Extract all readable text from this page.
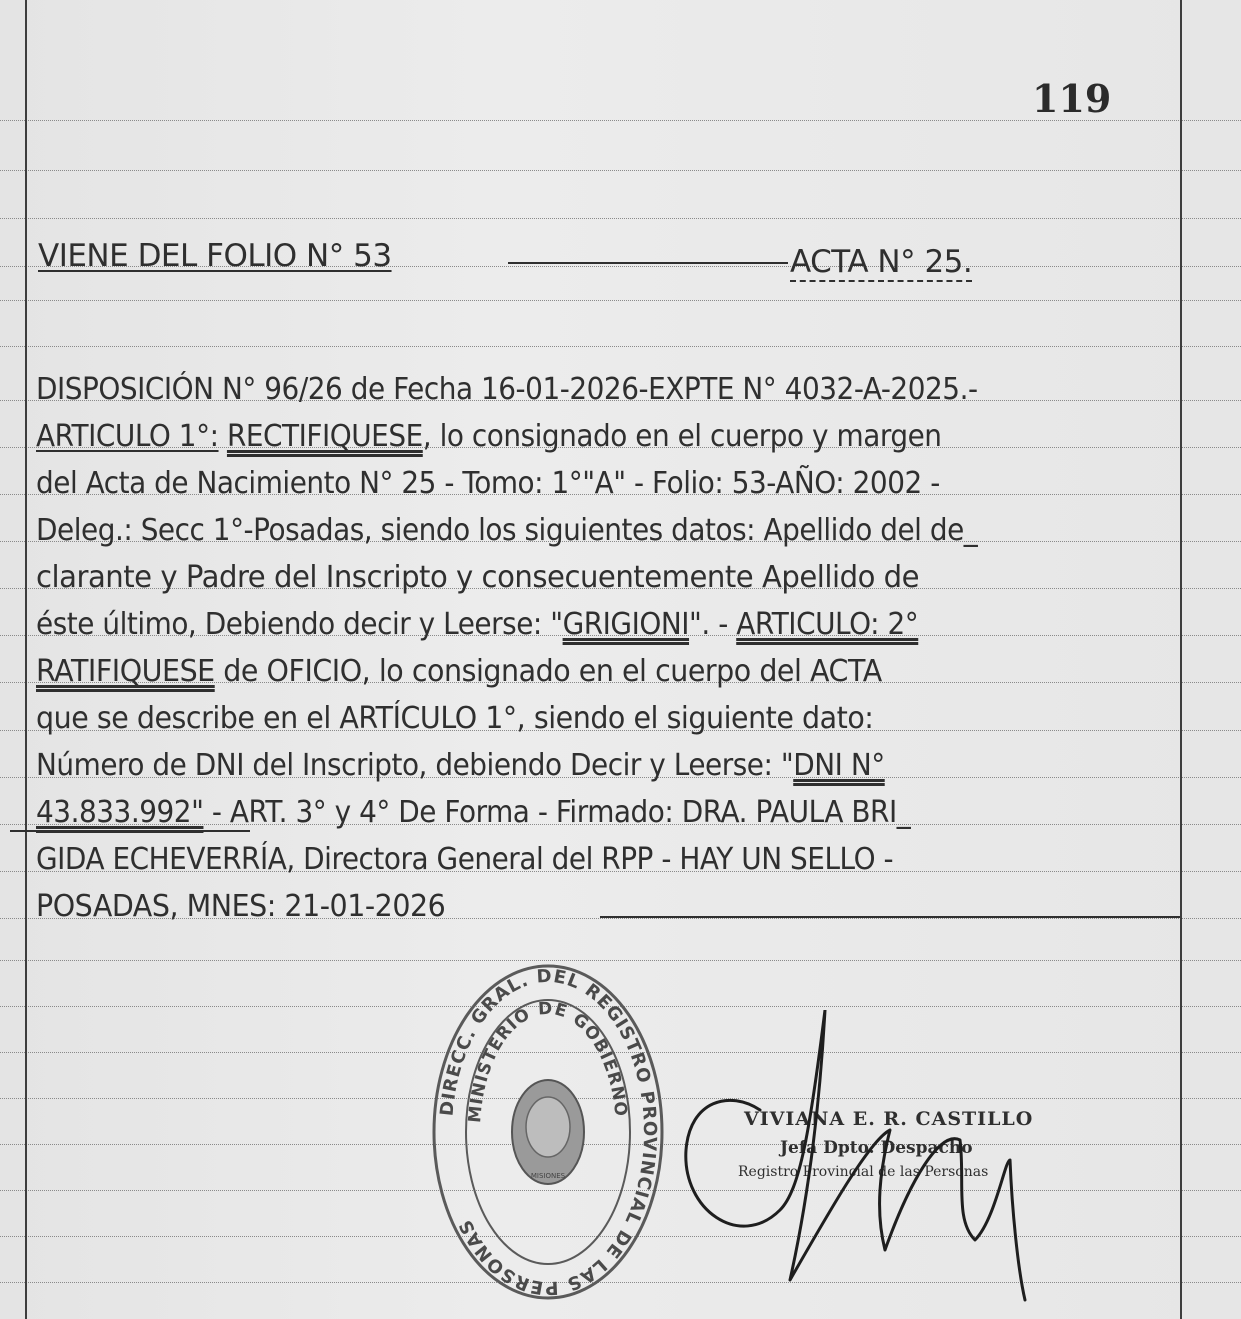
119
VIENE DEL FOLIO N° 53	ACTA N° 25.
DISPOSICIÓN N° 96/26 de Fecha 16-01-2026-EXPTE N° 4032-A-2025.-
ARTICULO 1°: RECTIFIQUESE, lo consignado en el cuerpo y margen
del Acta de Nacimiento N° 25 - Tomo: 1°"A" - Folio: 53-AÑO: 2002 -
Deleg.: Secc 1°-Posadas, siendo los siguientes datos: Apellido del de_
clarante y Padre del Inscripto y consecuentemente Apellido de
éste último, Debiendo decir y Leerse: "GRIGIONI". - ARTICULO: 2°
RATIFIQUESE de OFICIO, lo consignado en el cuerpo del ACTA
que se describe en el ARTÍCULO 1°, siendo el siguiente dato:
Número de DNI del Inscripto, debiendo Decir y Leerse: "DNI N°
43.833.992" - ART. 3° y 4° De Forma - Firmado: DRA. PAULA BRI_
GIDA ECHEVERRÍA, Directora General del RPP - HAY UN SELLO -
POSADAS, MNES: 21-01-2026
DIRECC. GRAL. DEL REGISTRO PROVINCIAL DE LAS PERSONAS
MINISTERIO DE GOBIERNO
MISIONES
VIVIANA E. R. CASTILLO
Jefa Dpto. Despacho
Registro Provincial de las Personas
